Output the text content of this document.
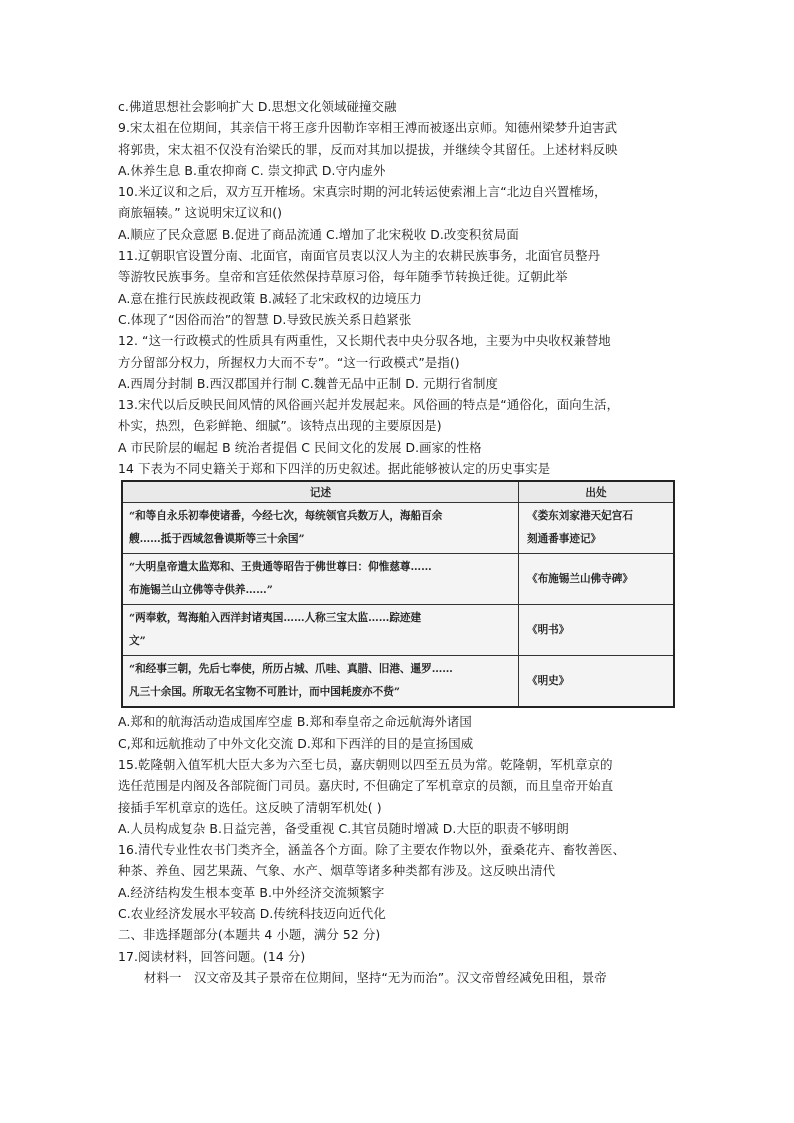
c.佛道思想社会影响扩大 D.思想文化领域碰撞交融
9.宋太祖在位期间，其亲信干将王彦升因勒诈宰相王溥而被逐出京师。知德州梁梦升迫害武
将郭贵，宋太祖不仅没有治梁氏的罪，反而对其加以提拔，并继续令其留任。上述材料反映
A.休养生息 B.重农抑商 C. 崇文抑武 D.守内虚外
10.米辽议和之后，双方互开榷场。宋真宗时期的河北转运使索湘上言“北边自兴置榷场，
商旅辐辏。” 这说明宋辽议和()
A.顺应了民众意愿 B.促进了商品流通 C.增加了北宋税收 D.改变积贫局面
11.辽朝职官设置分南、北面官，南面官员衷以汉人为主的农耕民族事务，北面官员整丹
等游牧民族事务。皇帝和宫廷依然保持草原习俗，每年随季节转换迁徙。辽朝此举
A.意在推行民族歧视政策 B.减轻了北宋政权的边境压力
C.体现了“因俗而治”的智慧 D.导致民族关系日趋紧张
12. “这一行政模式的性质具有两重性，又长期代表中央分驭各地，主要为中央收权兼替地
方分留部分权力，所握权力大而不专”。“这一行政模式”是指()
A.西周分封制 B.西汉郡国并行制 C.魏普无品中正制 D. 元期行省制度
13.宋代以后反映民间风情的风俗画兴起并发展起来。风俗画的特点是“通俗化，面向生活，
朴实，热烈，色彩鲜艳、细腻”。该特点出现的主要原因是)
A 市民阶层的崛起 B 统治者提倡 C 民间文化的发展 D.画家的性格
14 下表为不同史籍关于郑和下四洋的历史叙述。据此能够被认定的历史事实是
记述	出处

“和等自永乐初奉使诸番，今经七次，每统领官兵数万人，海船百余
艘……抵于西域忽鲁谟斯等三十余国”	《娄东刘家港天妃宫石
刻通番事迹记》

“大明皇帝遣太监郑和、王贵通等昭告于佛世尊曰：仰惟慈尊……
布施锡兰山立佛等寺供养……”	《布施锡兰山佛寺碑》

“两奉敕，驾海舶入西洋封诸夷国……人称三宝太监……踪迹建
文”	《明书》

“和经事三朝，先后七奉使，所历占城、爪哇、真腊、旧港、暹罗……
凡三十余国。所取无名宝物不可胜计，而中国耗废亦不赀”	《明史》
A.郑和的航海活动造成国库空虚 B.郑和奉皇帝之命远航海外诸国
C,郑和远航推动了中外文化交流 D.郑和下西洋的目的是宣扬国威
15.乾隆朝入值军机大臣大多为六至七员，嘉庆朝则以四至五员为常。乾隆朝，军机章京的
选任范围是内阁及各部院衙门司员。嘉庆时, 不但确定了军机章京的员额，而且皇帝开始直
接插手军机章京的选任。这反映了清朝军机处( )
A.人员构成复杂 B.日益完善，备受重视 C.其官员随时增减 D.大臣的职责不够明朗
16.清代专业性农书门类齐全，涵盖各个方面。除了主要农作物以外，蚕桑花卉、畜牧善医、
种茶、养鱼、园艺果蔬、气象、水产、烟草等诸多种类都有涉及。这反映出清代
A.经济结构发生根本变革 B.中外经济交流频繁字
C.农业经济发展水平较高 D.传统科技迈向近代化
二、非选择题部分(本题共 4 小题，满分 52 分)
17.阅读材料，回答问题。(14 分)
材料一　汉文帝及其子景帝在位期间，坚持“无为而治”。汉文帝曾经减免田租，景帝
